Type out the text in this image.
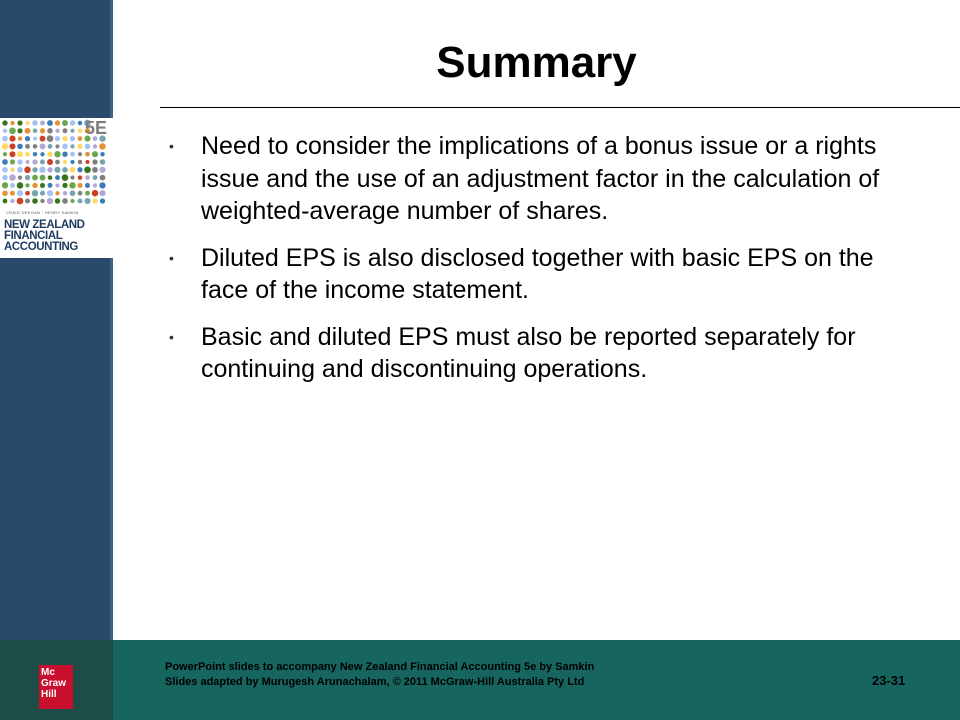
5E
CRAIG DEEGAN · HENRY SAMKIN
NEW ZEALAND FINANCIAL ACCOUNTING
Summary
• Need to consider the implications of a bonus issue or a rights issue and the use of an adjustment factor in the calculation of weighted-average number of shares.
• Diluted EPS is also disclosed together with basic EPS on the face of the income statement.
• Basic and diluted EPS must also be reported separately for continuing and discontinuing operations.
Mc
Graw
Hill
PowerPoint slides to accompany New Zealand Financial Accounting 5e by Samkin
Slides adapted by Murugesh Arunachalam, © 2011 McGraw-Hill Australia Pty Ltd	23-31
